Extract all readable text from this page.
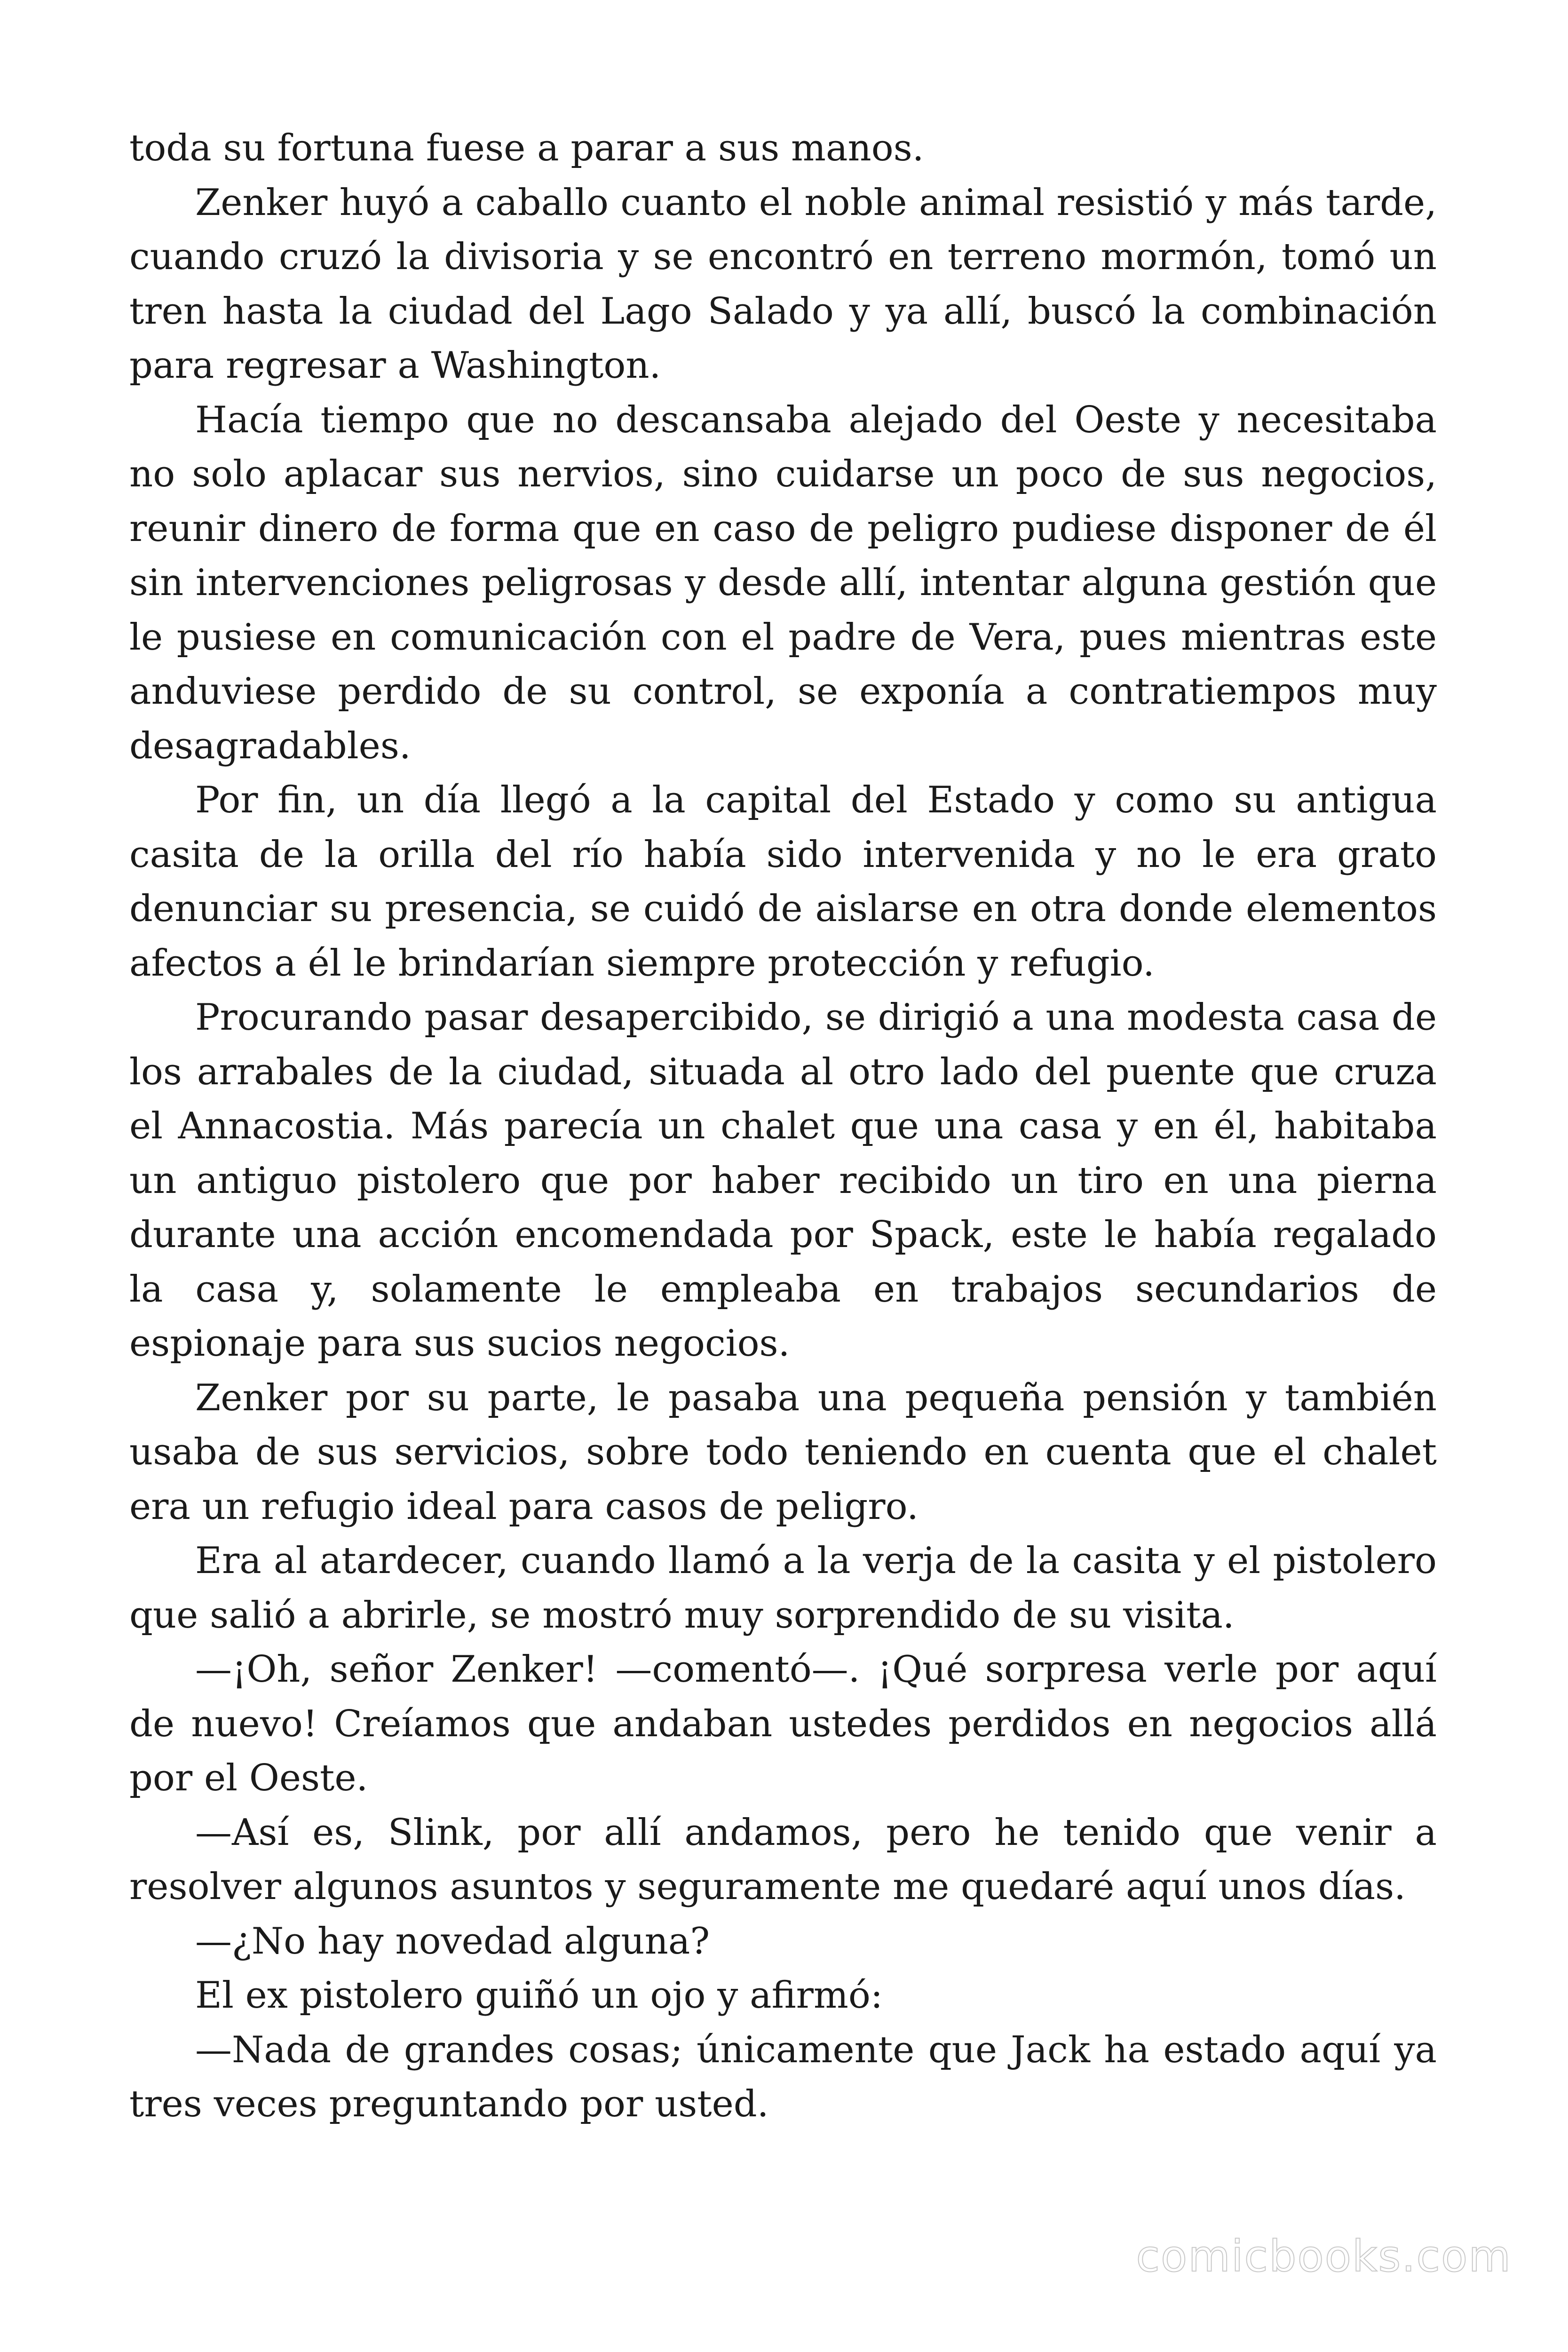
toda su fortuna fuese a parar a sus manos.

Zenker huyó a caballo cuanto el noble animal resistió y más tarde, cuando cruzó la divisoria y se encontró en terreno mormón, tomó un tren hasta la ciudad del Lago Salado y ya allí, buscó la combinación para regresar a Washington.

Hacía tiempo que no descansaba alejado del Oeste y necesitaba no solo aplacar sus nervios, sino cuidarse un poco de sus negocios, reunir dinero de forma que en caso de peligro pudiese disponer de él sin intervenciones peligrosas y desde allí, intentar alguna gestión que le pusiese en comunicación con el padre de Vera, pues mientras este anduviese perdido de su control, se exponía a contratiempos muy desagradables.

Por fin, un día llegó a la capital del Estado y como su antigua casita de la orilla del río había sido intervenida y no le era grato denunciar su presencia, se cuidó de aislarse en otra donde elementos afectos a él le brindarían siempre protección y refugio.

Procurando pasar desapercibido, se dirigió a una modesta casa de los arrabales de la ciudad, situada al otro lado del puente que cruza el Annacostia. Más parecía un chalet que una casa y en él, habitaba un antiguo pistolero que por haber recibido un tiro en una pierna durante una acción encomendada por Spack, este le había regalado la casa y, solamente le empleaba en trabajos secundarios de espionaje para sus sucios negocios.

Zenker por su parte, le pasaba una pequeña pensión y también usaba de sus servicios, sobre todo teniendo en cuenta que el chalet era un refugio ideal para casos de peligro.

Era al atardecer, cuando llamó a la verja de la casita y el pistolero que salió a abrirle, se mostró muy sorprendido de su visita.

—¡Oh, señor Zenker! —comentó—. ¡Qué sorpresa verle por aquí de nuevo! Creíamos que andaban ustedes perdidos en negocios allá por el Oeste.

—Así es, Slink, por allí andamos, pero he tenido que venir a resolver algunos asuntos y seguramente me quedaré aquí unos días.

—¿No hay novedad alguna?

El ex pistolero guiñó un ojo y afirmó:

—Nada de grandes cosas; únicamente que Jack ha estado aquí ya tres veces preguntando por usted.

comicbooks.com
